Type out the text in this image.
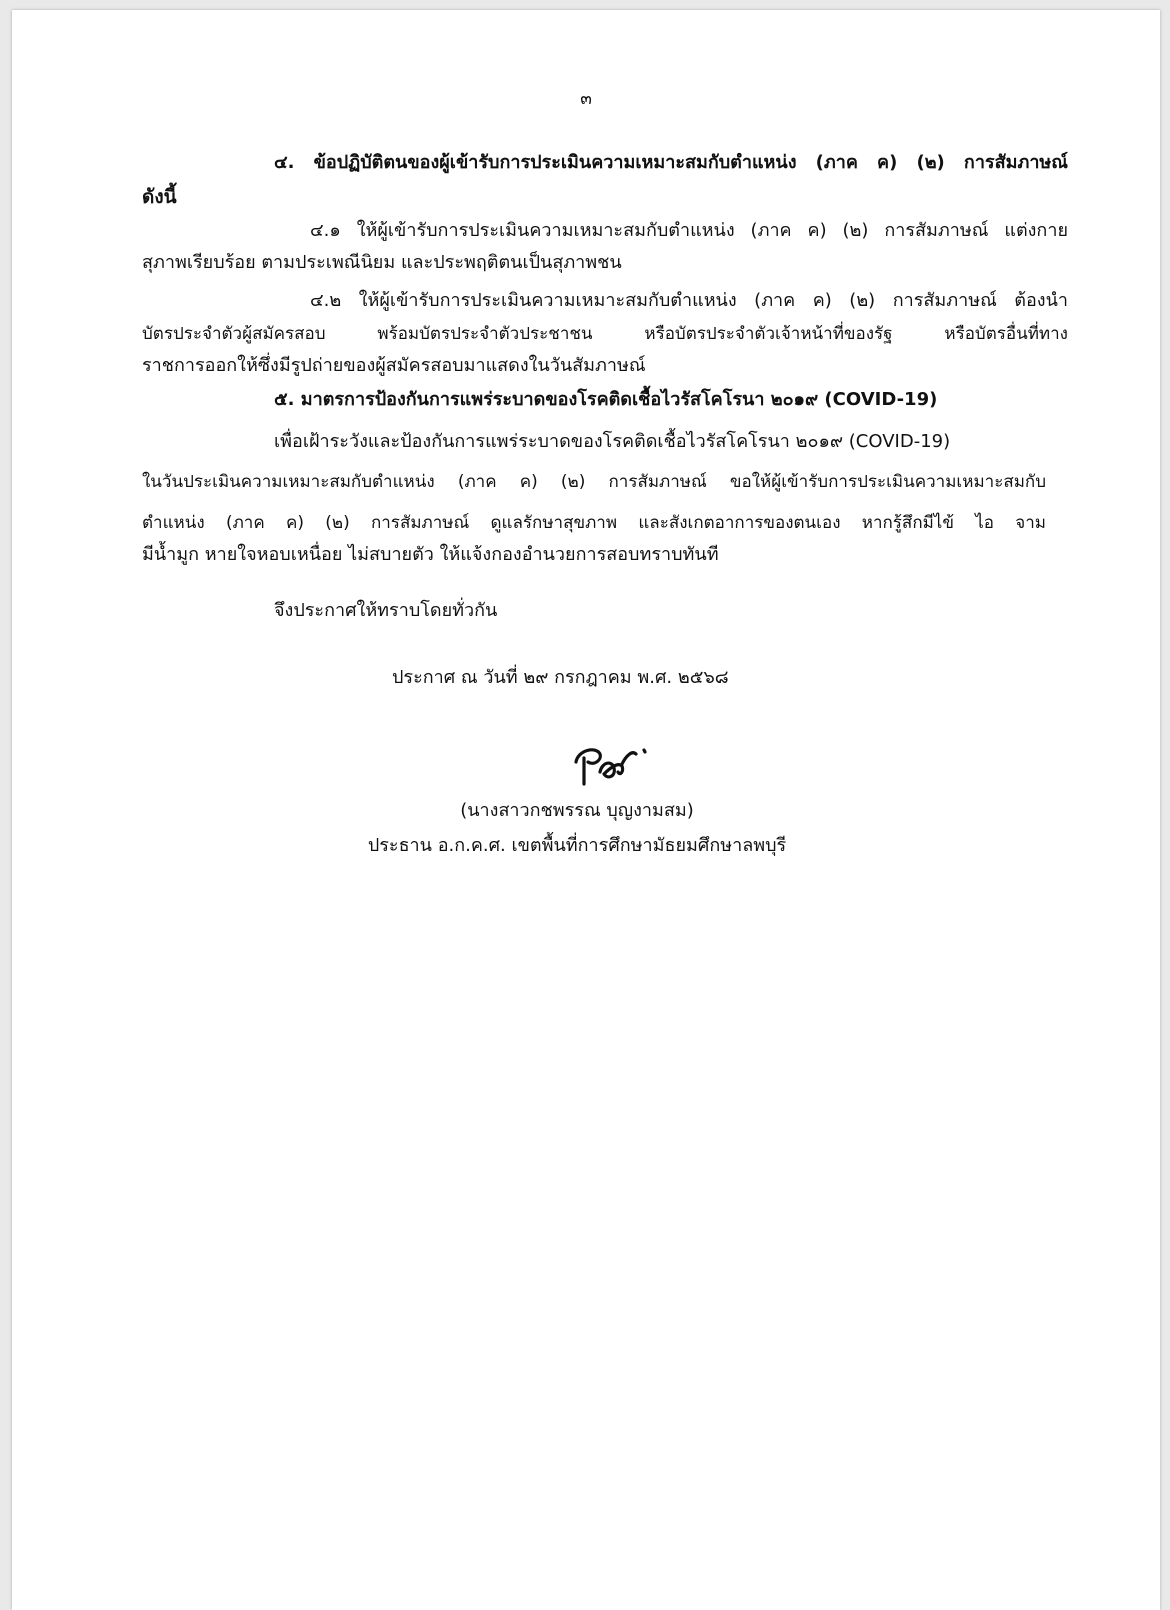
๓
๔. ข้อปฏิบัติตนของผู้เข้ารับการประเมินความเหมาะสมกับตำแหน่ง (ภาค ค) (๒) การสัมภาษณ์
ดังนี้
๔.๑ ให้ผู้เข้ารับการประเมินความเหมาะสมกับตำแหน่ง (ภาค ค) (๒) การสัมภาษณ์ แต่งกาย
สุภาพเรียบร้อย ตามประเพณีนิยม และประพฤติตนเป็นสุภาพชน
๔.๒ ให้ผู้เข้ารับการประเมินความเหมาะสมกับตำแหน่ง (ภาค ค) (๒) การสัมภาษณ์ ต้องนำ
บัตรประจำตัวผู้สมัครสอบ พร้อมบัตรประจำตัวประชาชน หรือบัตรประจำตัวเจ้าหน้าที่ของรัฐ หรือบัตรอื่นที่ทาง
ราชการออกให้ซึ่งมีรูปถ่ายของผู้สมัครสอบมาแสดงในวันสัมภาษณ์
๕. มาตรการป้องกันการแพร่ระบาดของโรคติดเชื้อไวรัสโคโรนา ๒๐๑๙ (COVID-19)
เพื่อเฝ้าระวังและป้องกันการแพร่ระบาดของโรคติดเชื้อไวรัสโคโรนา ๒๐๑๙ (COVID-19)
ในวันประเมินความเหมาะสมกับตำแหน่ง (ภาค ค) (๒) การสัมภาษณ์ ขอให้ผู้เข้ารับการประเมินความเหมาะสมกับ
ตำแหน่ง (ภาค ค) (๒) การสัมภาษณ์ ดูแลรักษาสุขภาพ และสังเกตอาการของตนเอง หากรู้สึกมีไข้ ไอ จาม
มีน้ำมูก หายใจหอบเหนื่อย ไม่สบายตัว ให้แจ้งกองอำนวยการสอบทราบทันที
จึงประกาศให้ทราบโดยทั่วกัน
ประกาศ ณ วันที่ ๒๙ กรกฎาคม พ.ศ. ๒๕๖๘
(นางสาวกชพรรณ บุญงามสม)
ประธาน อ.ก.ค.ศ. เขตพื้นที่การศึกษามัธยมศึกษาลพบุรี
